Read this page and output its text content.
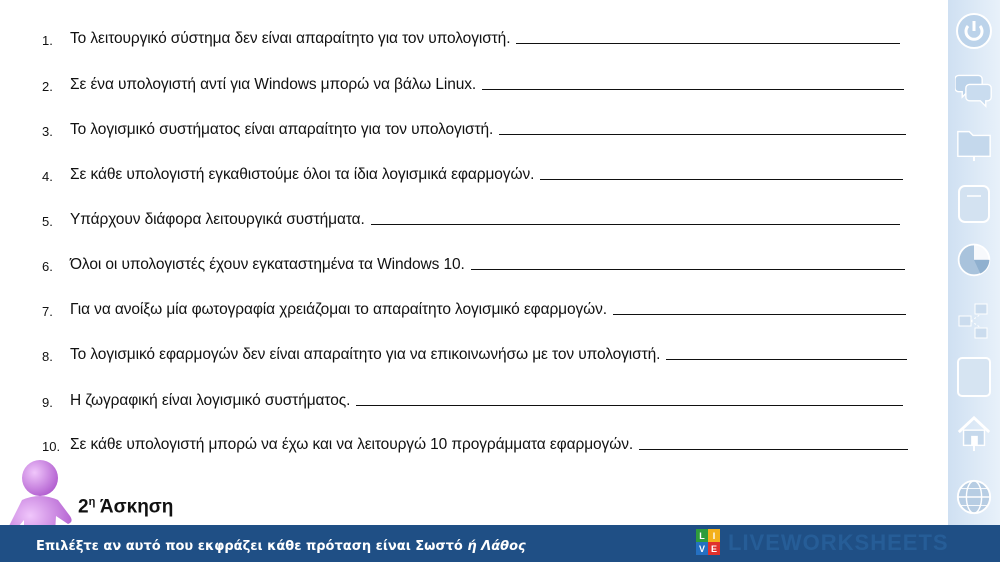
1.	Το λειτουργικό σύστημα δεν είναι απαραίτητο για τον υπολογιστή.
2.	Σε ένα υπολογιστή αντί για Windows μπορώ να βάλω Linux.
3.	Το λογισμικό συστήματος είναι απαραίτητο για τον υπολογιστή.
4.	Σε κάθε υπολογιστή εγκαθιστούμε όλοι τα ίδια λογισμικά εφαρμογών.
5.	Υπάρχουν διάφορα λειτουργικά συστήματα.
6.	Όλοι οι υπολογιστές έχουν εγκαταστημένα τα Windows 10.
7.	Για να ανοίξω μία φωτογραφία χρειάζομαι το απαραίτητο λογισμικό εφαρμογών.
8.	Το λογισμικό εφαρμογών δεν είναι απαραίτητο για να επικοινωνήσω με τον υπολογιστή.
9.	Η ζωγραφική είναι λογισμικό συστήματος.
10. Σε κάθε υπολογιστή μπορώ να έχω και να λειτουργώ 10 προγράμματα εφαρμογών.
$2^\eta$ Άσκηση
Επιλέξτε αν αυτό που εκφράζει κάθε πρόταση είναι Σωστό ή Λάθος
L I
V E LIVEWORKSHEETS
